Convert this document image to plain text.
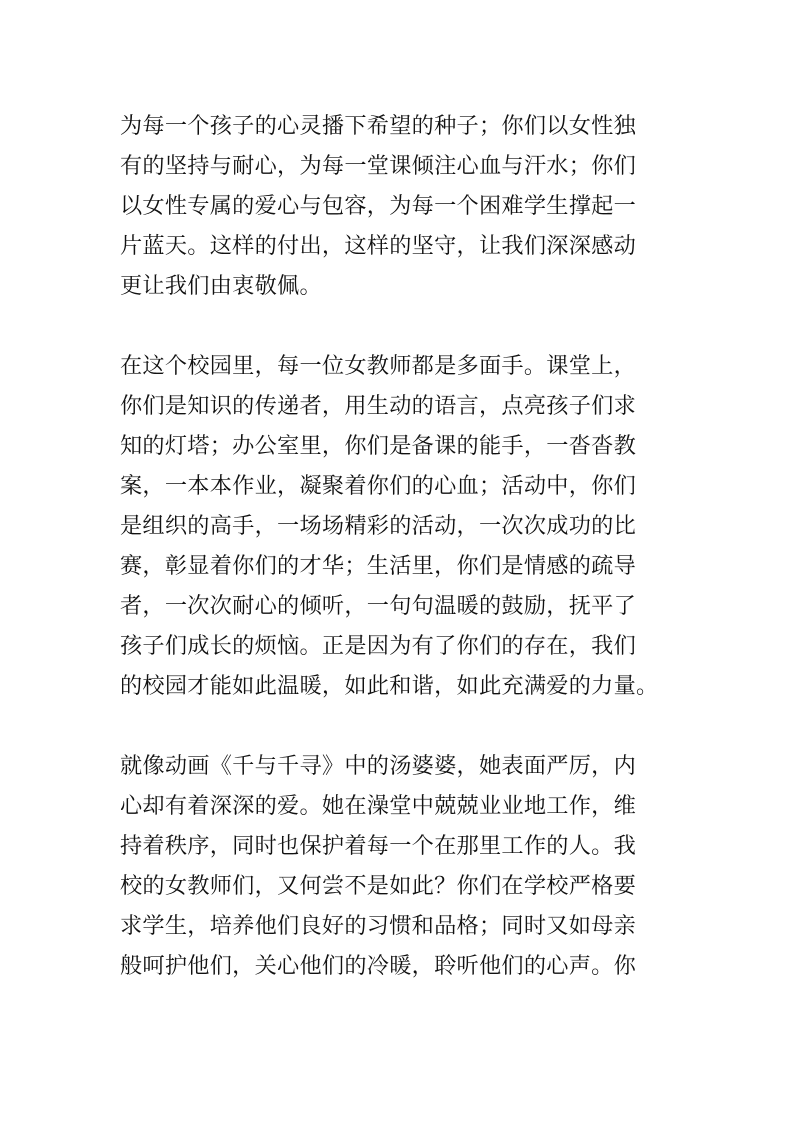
为每一个孩子的心灵播下希望的种子；你们以女性独
有的坚持与耐心，为每一堂课倾注心血与汗水；你们
以女性专属的爱心与包容，为每一个困难学生撑起一
片蓝天。这样的付出，这样的坚守，让我们深深感动
更让我们由衷敬佩。

在这个校园里，每一位女教师都是多面手。课堂上，
你们是知识的传递者，用生动的语言，点亮孩子们求
知的灯塔；办公室里，你们是备课的能手，一沓沓教
案，一本本作业，凝聚着你们的心血；活动中，你们
是组织的高手，一场场精彩的活动，一次次成功的比
赛，彰显着你们的才华；生活里，你们是情感的疏导
者，一次次耐心的倾听，一句句温暖的鼓励，抚平了
孩子们成长的烦恼。正是因为有了你们的存在，我们
的校园才能如此温暖，如此和谐，如此充满爱的力量。

就像动画《千与千寻》中的汤婆婆，她表面严厉，内
心却有着深深的爱。她在澡堂中兢兢业业地工作，维
持着秩序，同时也保护着每一个在那里工作的人。我
校的女教师们，又何尝不是如此？你们在学校严格要
求学生，培养他们良好的习惯和品格；同时又如母亲
般呵护他们，关心他们的冷暖，聆听他们的心声。你
